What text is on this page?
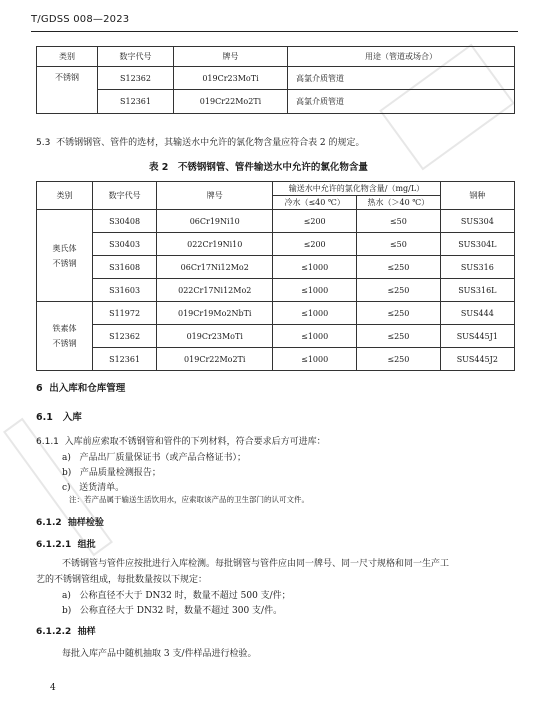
T/GDSS 008—2023
类别	数字代号	牌号	用途（管道或场合）
不锈钢	S12362	019Cr23MoTi	高氯介质管道
	S12361	019Cr22Mo2Ti	高氯介质管道
5.3 不锈钢钢管、管件的选材，其输送水中允许的氯化物含量应符合表 2 的规定。
表 2　不锈钢钢管、管件输送水中允许的氯化物含量
类别	数字代号	牌号	输送水中允许的氯化物含量/（mg/L）		钢种
			冷水（≤40 ℃）	热水（＞40 ℃）	
奥氏体
不锈钢	S30408	06Cr19Ni10	≤200	≤50	SUS304
	S30403	022Cr19Ni10	≤200	≤50	SUS304L
	S31608	06Cr17Ni12Mo2	≤1000	≤250	SUS316
	S31603	022Cr17Ni12Mo2	≤1000	≤250	SUS316L
铁素体
不锈钢	S11972	019Cr19Mo2NbTi	≤1000	≤250	SUS444
	S12362	019Cr23MoTi	≤1000	≤250	SUS445J1
	S12361	019Cr22Mo2Ti	≤1000	≤250	SUS445J2
6 出入库和仓库管理
6.1 入库
6.1.1 入库前应索取不锈钢管和管件的下列材料，符合要求后方可进库：
a) 产品出厂质量保证书（或产品合格证书）；
b) 产品质量检测报告；
c) 送货清单。
注：若产品属于输送生活饮用水，应索取该产品的卫生部门的认可文件。
6.1.2 抽样检验
6.1.2.1 组批
不锈钢管与管件应按批进行入库检测。每批钢管与管件应由同一牌号、同一尺寸规格和同一生产工
艺的不锈钢管组成，每批数量按以下规定：
a) 公称直径不大于 DN32 时，数量不超过 500 支/件；
b) 公称直径大于 DN32 时，数量不超过 300 支/件。
6.1.2.2 抽样
每批入库产品中随机抽取 3 支/件样品进行检验。
4
